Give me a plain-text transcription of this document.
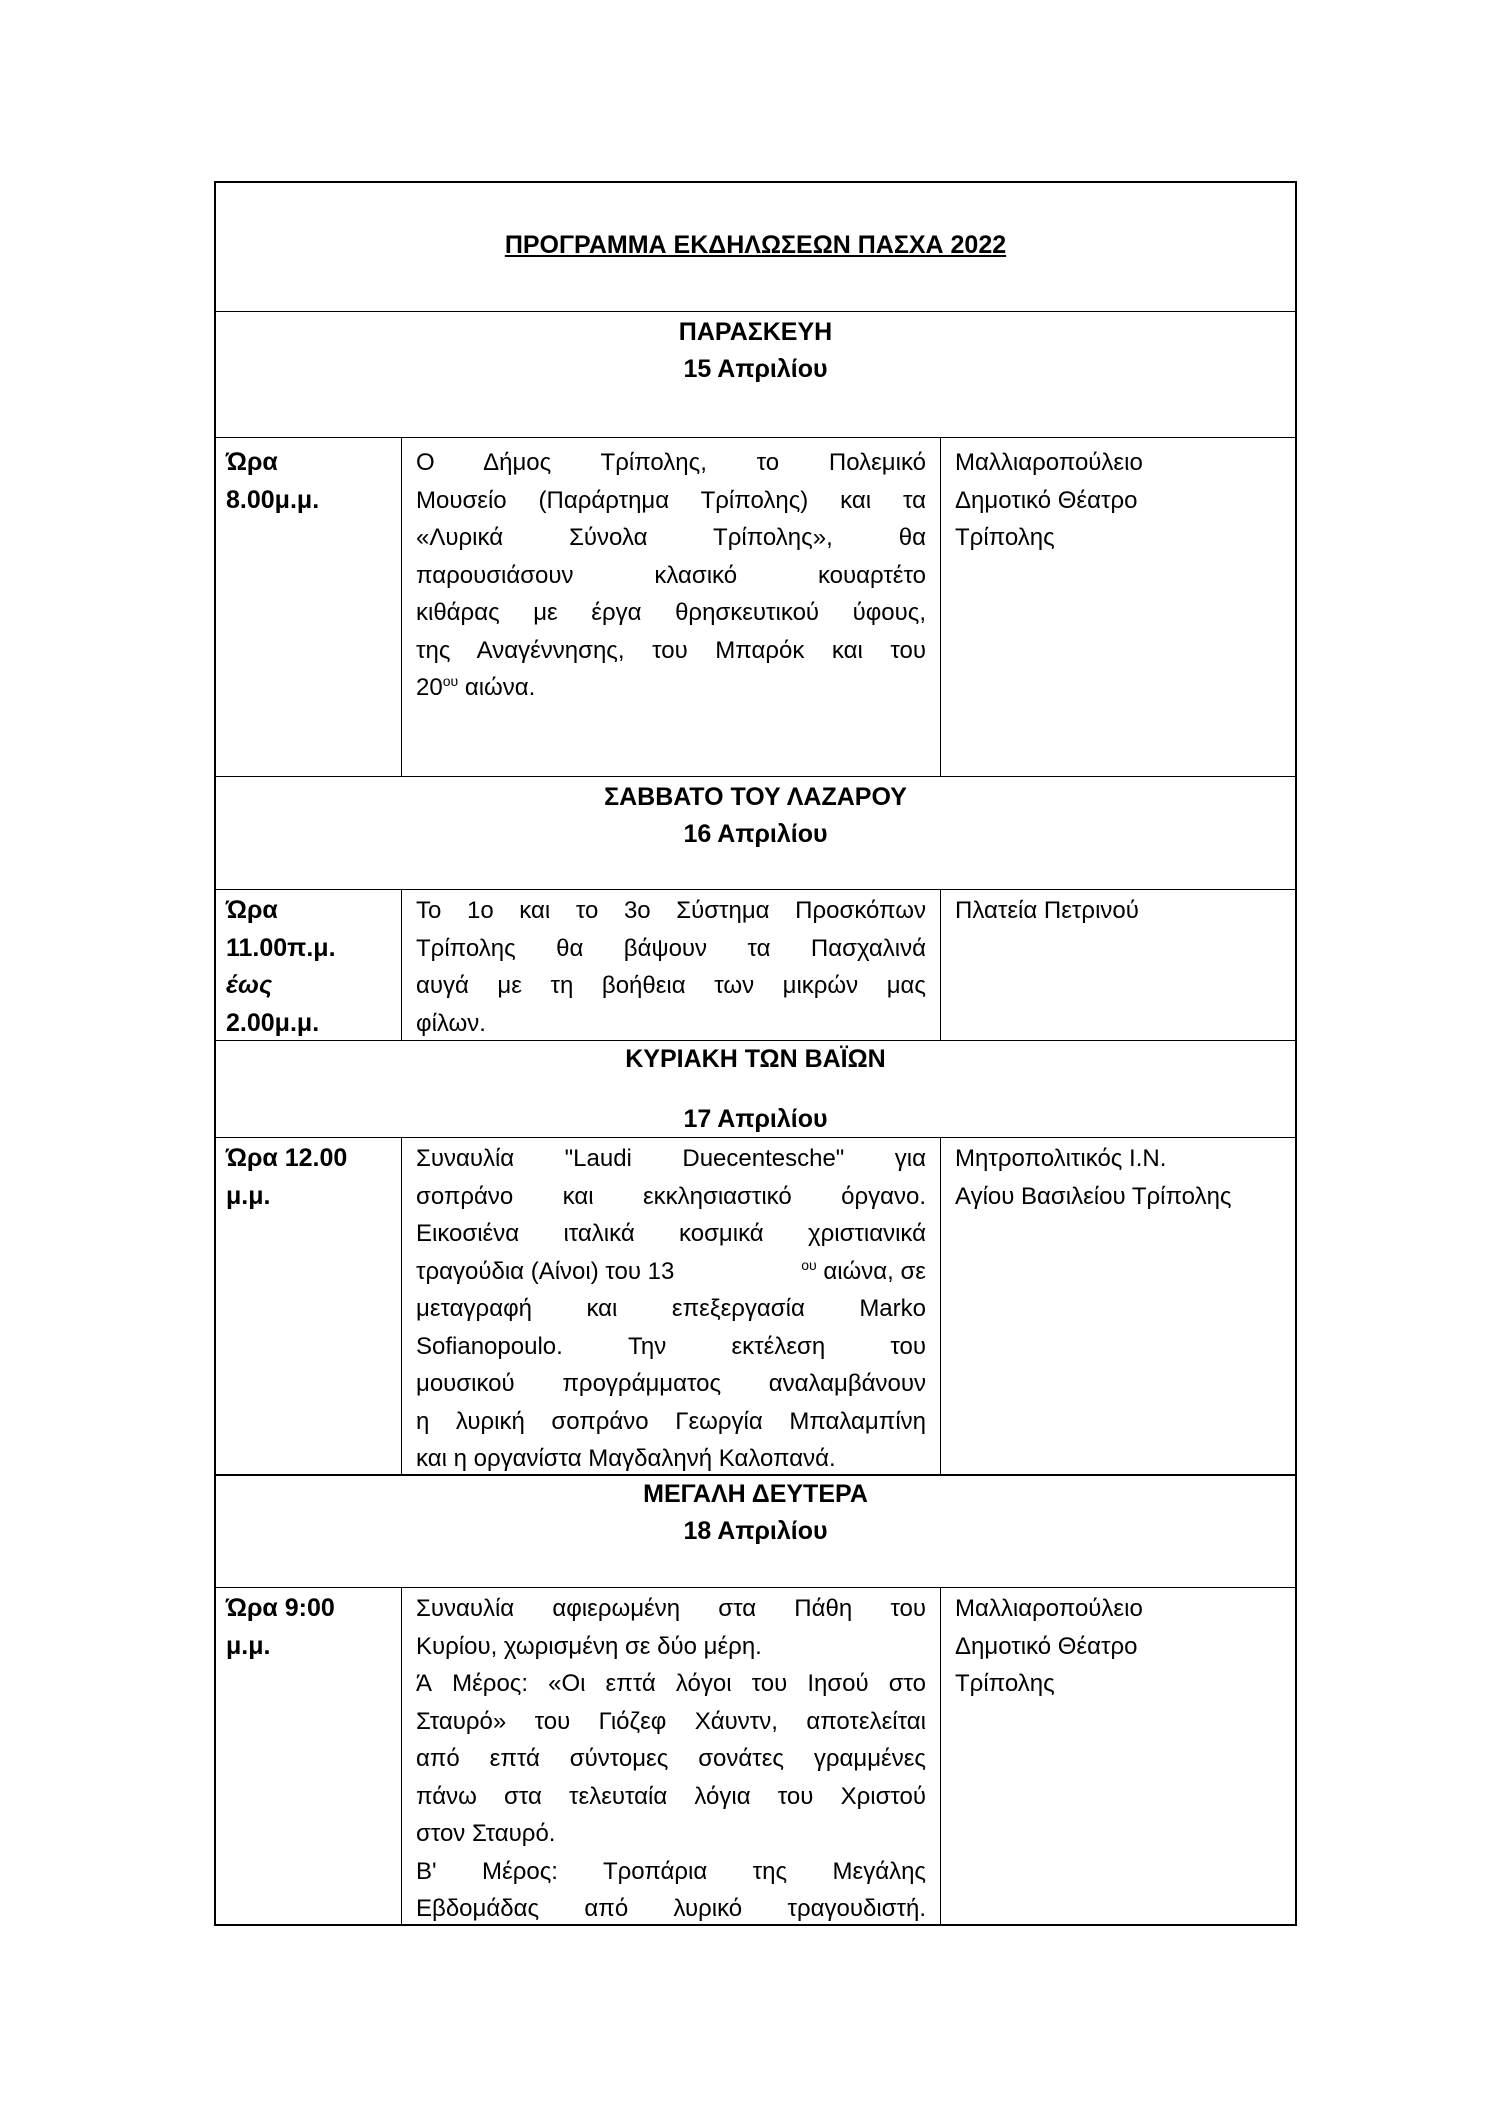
ΠΡΟΓΡΑΜΜΑ ΕΚΔΗΛΩΣΕΩΝ ΠΑΣΧΑ 2022
ΠΑΡΑΣΚΕΥΗ
15 Απριλίου
Ώρα
8.00μ.μ.
Ο Δήμος Τρίπολης, το Πολεμικό
Μουσείο (Παράρτημα Τρίπολης) και τα
«Λυρικά Σύνολα Τρίπολης», θα
παρουσιάσουν κλασικό κουαρτέτο
κιθάρας με έργα θρησκευτικού ύφους,
της Αναγέννησης, του Μπαρόκ και του
$20^{o\upsilon}$ αιώνα.
Μαλλιαροπούλειο
Δημοτικό Θέατρο
Τρίπολης
ΣΑΒΒΑΤΟ ΤΟΥ ΛΑΖΑΡΟΥ
16 Απριλίου
Ώρα
11.00π.μ.
έως
2.00μ.μ.
Το 1ο και το 3ο Σύστημα Προσκόπων
Τρίπολης θα βάψουν τα Πασχαλινά
αυγά με τη βοήθεια των μικρών μας
φίλων.
Πλατεία Πετρινού
ΚΥΡΙΑΚΗ ΤΩΝ ΒΑΪΩΝ
17 Απριλίου
Ώρα 12.00
μ.μ.
Συναυλία "Laudi Duecentesche" για
σοπράνο και εκκλησιαστικό όργανο.
Εικοσιένα ιταλικά κοσμικά χριστιανικά
τραγούδια (Αίνοι) του 13	$^{o\upsilon}$ αιώνα, σε
μεταγραφή και επεξεργασία Marko
Sofianopoulo. Την εκτέλεση του
μουσικού προγράμματος αναλαμβάνουν
η λυρική σοπράνο Γεωργία Μπαλαμπίνη
και η οργανίστα Μαγδαληνή Καλοπανά.
Μητροπολιτικός Ι.Ν.
Αγίου Βασιλείου Τρίπολης
ΜΕΓΑΛΗ ΔΕΥΤΕΡΑ
18 Απριλίου
Ώρα 9:00
μ.μ.
Συναυλία αφιερωμένη στα Πάθη του
Κυρίου, χωρισμένη σε δύο μέρη.
Ά Μέρος: «Οι επτά λόγοι του Ιησού στο
Σταυρό» του Γιόζεφ Χάυντν, αποτελείται
από επτά σύντομες σονάτες γραμμένες
πάνω στα τελευταία λόγια του Χριστού
στον Σταυρό.
Β' Μέρος: Τροπάρια της Μεγάλης
Εβδομάδας από λυρικό τραγουδιστή.
Μαλλιαροπούλειο
Δημοτικό Θέατρο
Τρίπολης
